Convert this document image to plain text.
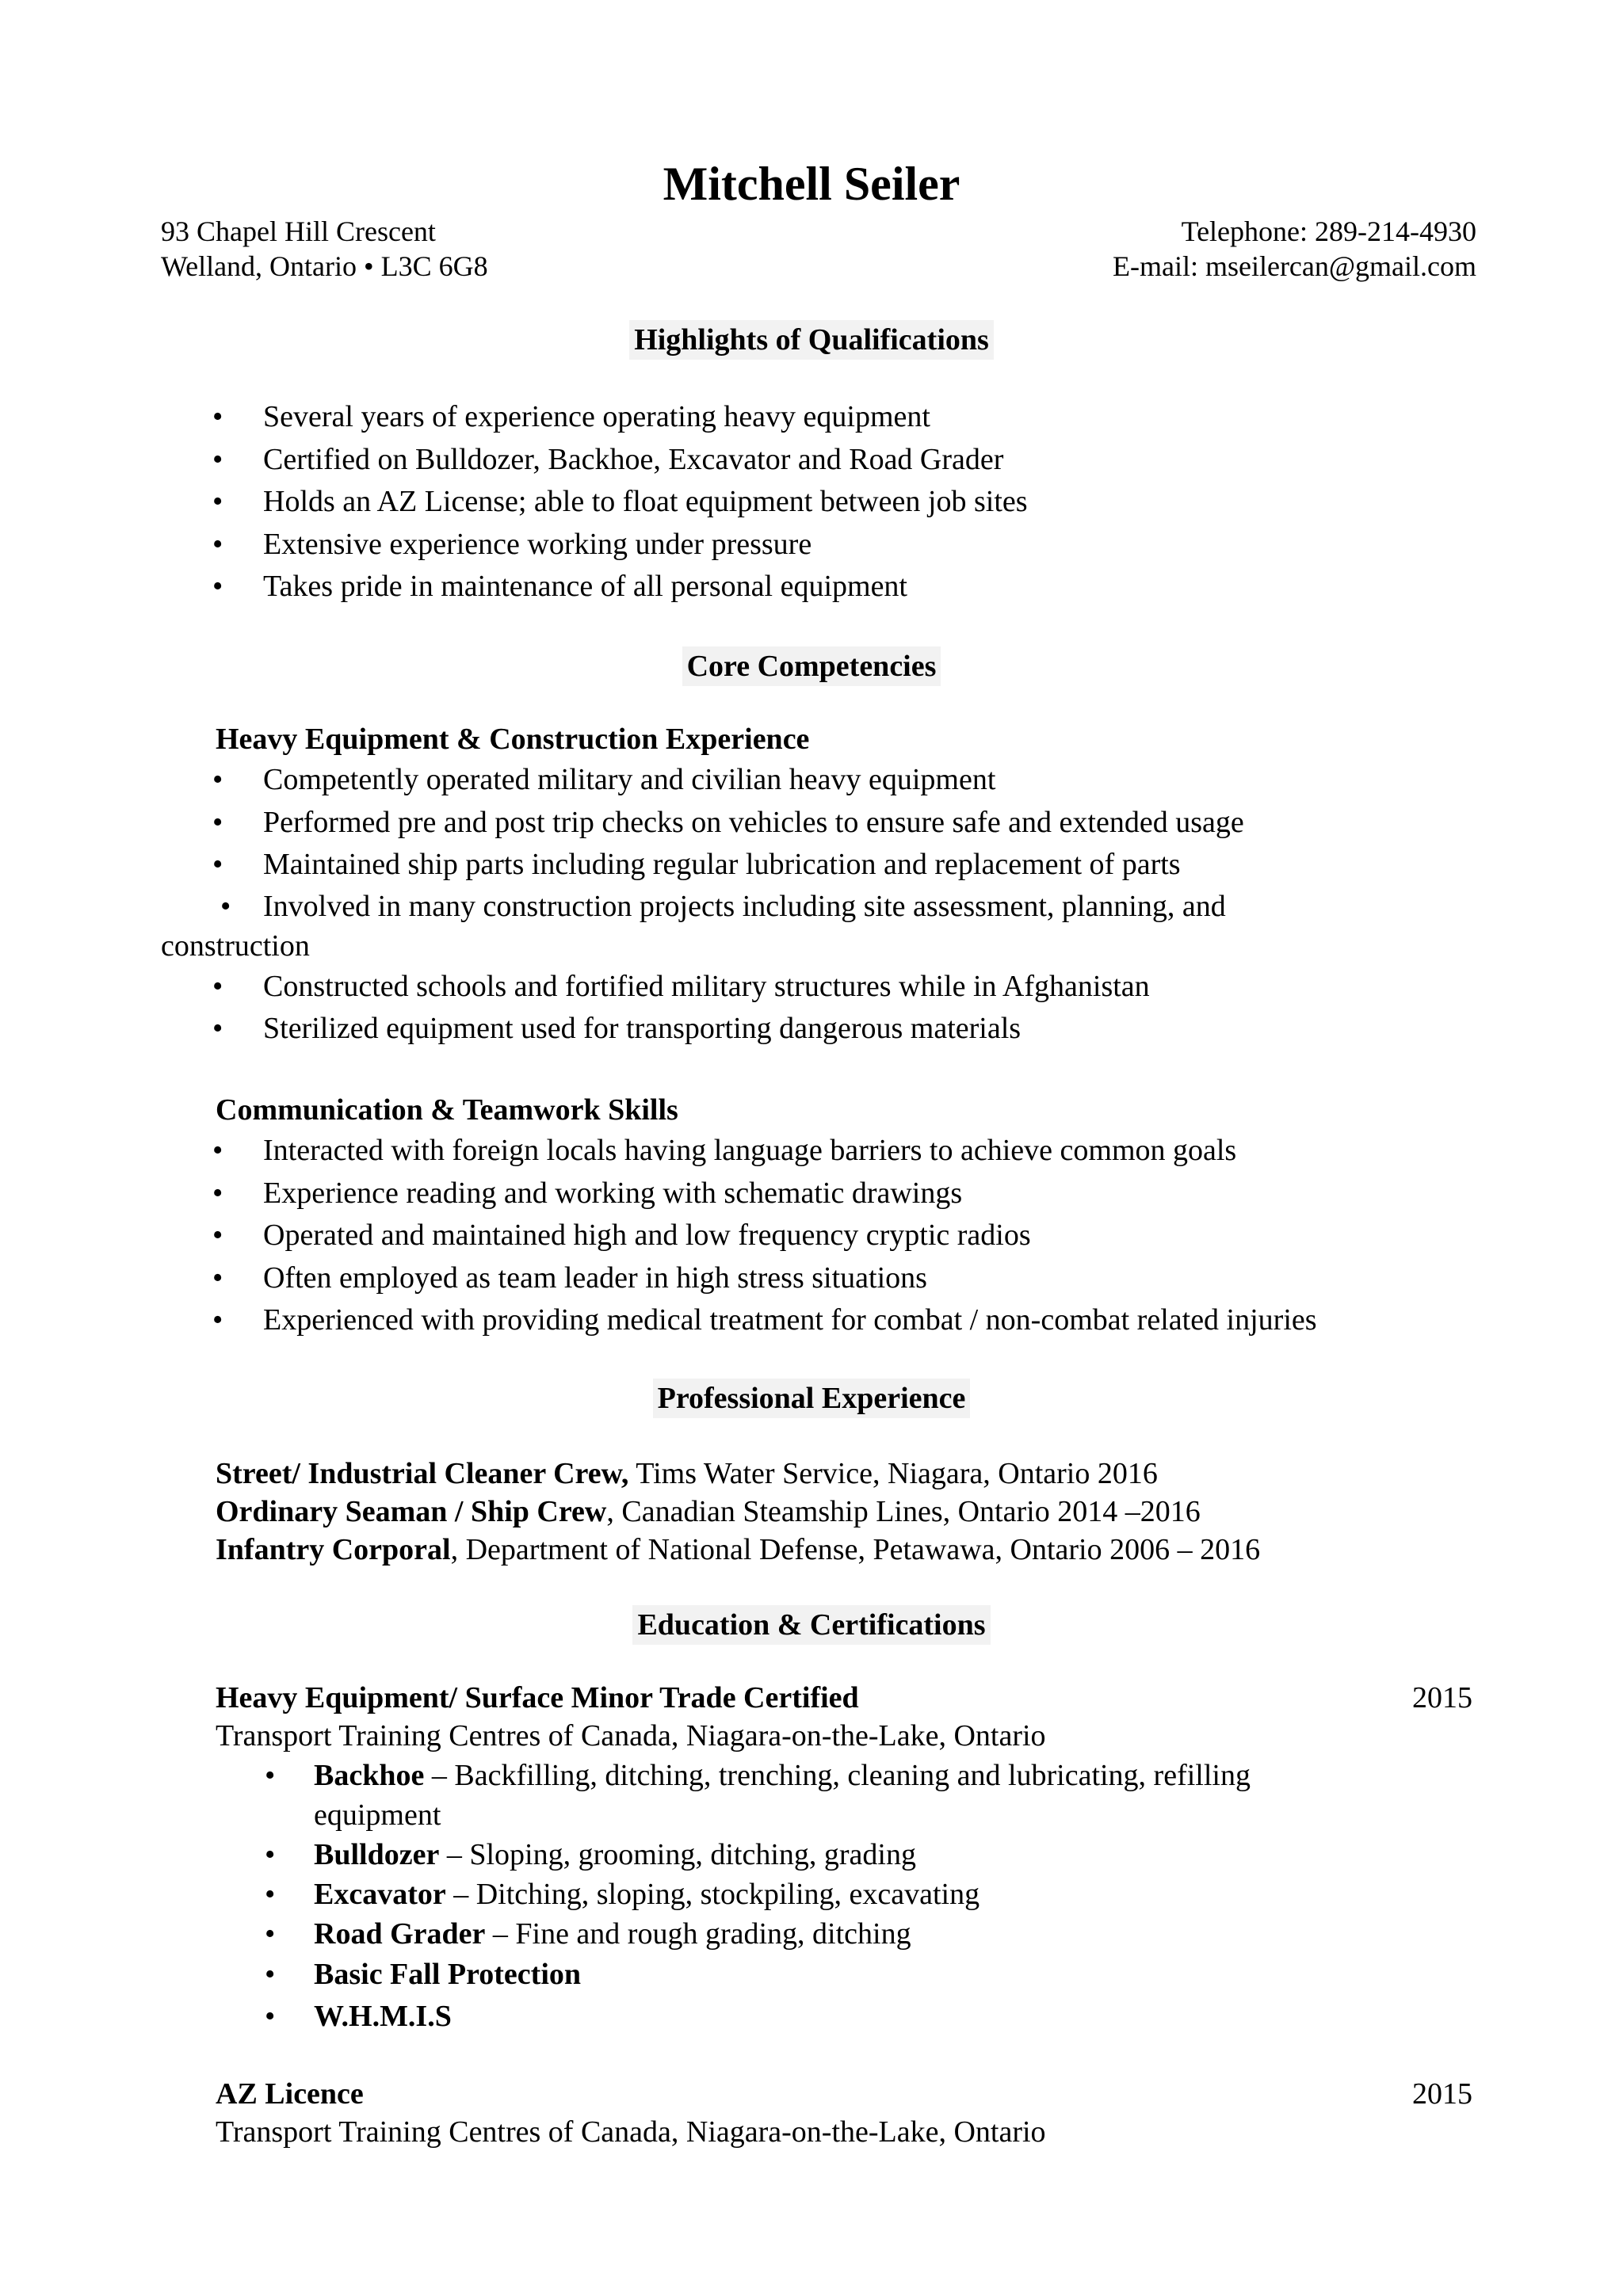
Mitchell Seiler
93 Chapel Hill Crescent	Telephone: 289-214-4930
Welland, Ontario • L3C 6G8	E-mail: mseilercan@gmail.com
Highlights of Qualifications
• Several years of experience operating heavy equipment
• Certified on Bulldozer, Backhoe, Excavator and Road Grader
• Holds an AZ License; able to float equipment between job sites
• Extensive experience working under pressure
• Takes pride in maintenance of all personal equipment
Core Competencies
Heavy Equipment & Construction Experience
• Competently operated military and civilian heavy equipment
• Performed pre and post trip checks on vehicles to ensure safe and extended usage
• Maintained ship parts including regular lubrication and replacement of parts
• Involved in many construction projects including site assessment, planning, and
construction
• Constructed schools and fortified military structures while in Afghanistan
• Sterilized equipment used for transporting dangerous materials
Communication & Teamwork Skills
• Interacted with foreign locals having language barriers to achieve common goals
• Experience reading and working with schematic drawings
• Operated and maintained high and low frequency cryptic radios
• Often employed as team leader in high stress situations
• Experienced with providing medical treatment for combat / non-combat related injuries
Professional Experience
Street/ Industrial Cleaner Crew, Tims Water Service, Niagara, Ontario 2016
Ordinary Seaman / Ship Crew, Canadian Steamship Lines, Ontario 2014 –2016
Infantry Corporal, Department of National Defense, Petawawa, Ontario 2006 – 2016
Education & Certifications
Heavy Equipment/ Surface Minor Trade Certified	2015
Transport Training Centres of Canada, Niagara-on-the-Lake, Ontario
• Backhoe – Backfilling, ditching, trenching, cleaning and lubricating, refilling
equipment
• Bulldozer – Sloping, grooming, ditching, grading
• Excavator – Ditching, sloping, stockpiling, excavating
• Road Grader – Fine and rough grading, ditching
• Basic Fall Protection
• W.H.M.I.S
AZ Licence	2015
Transport Training Centres of Canada, Niagara-on-the-Lake, Ontario
